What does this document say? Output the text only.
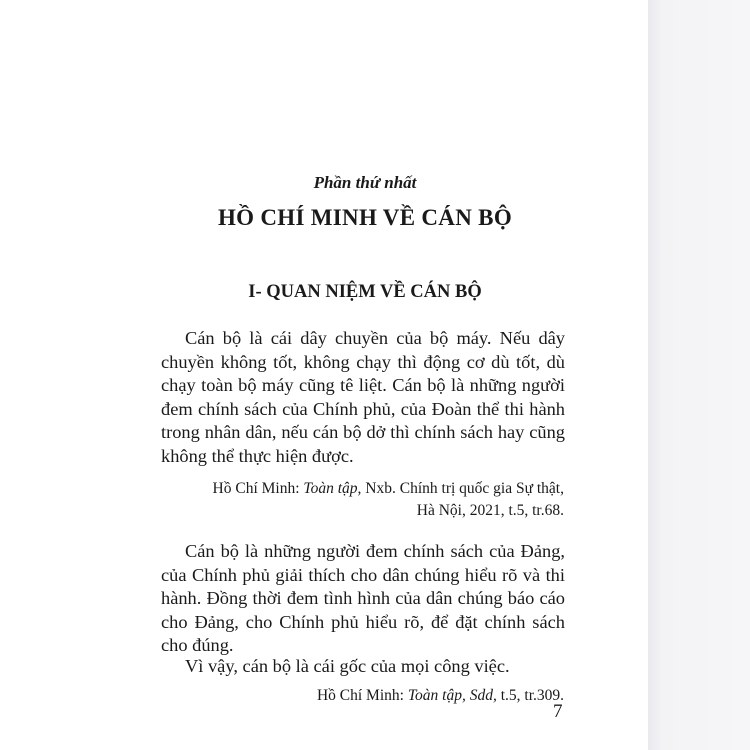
Phần thứ nhất
HỒ CHÍ MINH VỀ CÁN BỘ
I- QUAN NIỆM VỀ CÁN BỘ
Cán bộ là cái dây chuyền của bộ máy. Nếu dây chuyền không tốt, không chạy thì động cơ dù tốt, dù chạy toàn bộ máy cũng tê liệt. Cán bộ là những người đem chính sách của Chính phủ, của Đoàn thể thi hành trong nhân dân, nếu cán bộ dở thì chính sách hay cũng không thể thực hiện được.
Hồ Chí Minh: Toàn tập, Nxb. Chính trị quốc gia Sự thật,
Hà Nội, 2021, t.5, tr.68.
Cán bộ là những người đem chính sách của Đảng, của Chính phủ giải thích cho dân chúng hiểu rõ và thi hành. Đồng thời đem tình hình của dân chúng báo cáo cho Đảng, cho Chính phủ hiểu rõ, để đặt chính sách cho đúng.
Vì vậy, cán bộ là cái gốc của mọi công việc.
Hồ Chí Minh: Toàn tập, Sdd, t.5, tr.309.
7
